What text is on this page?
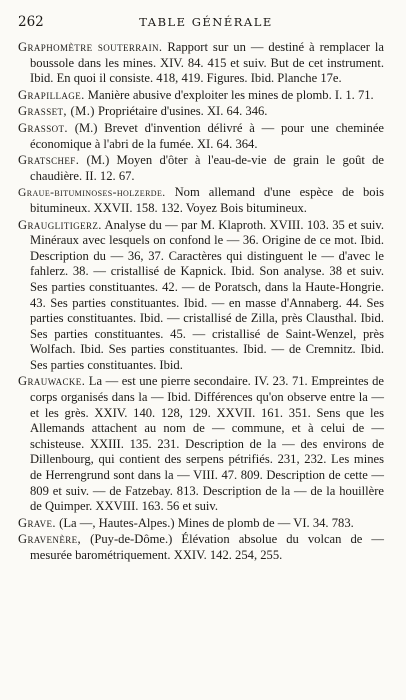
262	TABLE GÉNÉRALE

Graphomètre souterrain. Rapport sur un — destiné à remplacer la boussole dans les mines. XIV. 84. 415 et suiv. But de cet instrument. Ibid. En quoi il consiste. 418, 419. Figures. Ibid. Planche 17e.

Grapillage. Manière abusive d'exploiter les mines de plomb. I. 1. 71.

Grasset, (M.) Propriétaire d'usines. XI. 64. 346.

Grassot. (M.) Brevet d'invention délivré à — pour une cheminée économique à l'abri de la fumée. XI. 64. 364.

Gratschef. (M.) Moyen d'ôter à l'eau-de-vie de grain le goût de chaudière. II. 12. 67.

Graue-bituminoses-holzerde. Nom allemand d'une espèce de bois bitumineux. XXVII. 158. 132. Voyez Bois bitumineux.

Grauglitigerz. Analyse du — par M. Klaproth. XVIII. 103. 35 et suiv. Minéraux avec lesquels on confond le — 36. Origine de ce mot. Ibid. Description du — 36, 37. Caractères qui distinguent le — d'avec le fahlerz. 38. — cristallisé de Kapnick. Ibid. Son analyse. 38 et suiv. Ses parties constituantes. 42. — de Poratsch, dans la Haute-Hongrie. 43. Ses parties constituantes. Ibid. — en masse d'Annaberg. 44. Ses parties constituantes. Ibid. — cristallisé de Zilla, près Clausthal. Ibid. Ses parties constituantes. 45. — cristallisé de Saint-Wenzel, près Wolfach. Ibid. Ses parties constituantes. Ibid. — de Cremnitz. Ibid. Ses parties constituantes. Ibid.

Grauwacke. La — est une pierre secondaire. IV. 23. 71. Empreintes de corps organisés dans la — Ibid. Différences qu'on observe entre la — et les grès. XXIV. 140. 128, 129. XXVII. 161. 351. Sens que les Allemands attachent au nom de — commune, et à celui de — schisteuse. XXIII. 135. 231. Description de la — des environs de Dillenbourg, qui contient des serpens pétrifiés. 231, 232. Les mines de Herrengrund sont dans la — VIII. 47. 809. Description de cette — 809 et suiv. — de Fatzebay. 813. Description de la — de la houillère de Quimper. XXVIII. 163. 56 et suiv.

Grave. (La —, Hautes-Alpes.) Mines de plomb de — VI. 34. 783.

Gravenère, (Puy-de-Dôme.) Élévation absolue du volcan de — mesurée barométriquement. XXIV. 142. 254, 255.
